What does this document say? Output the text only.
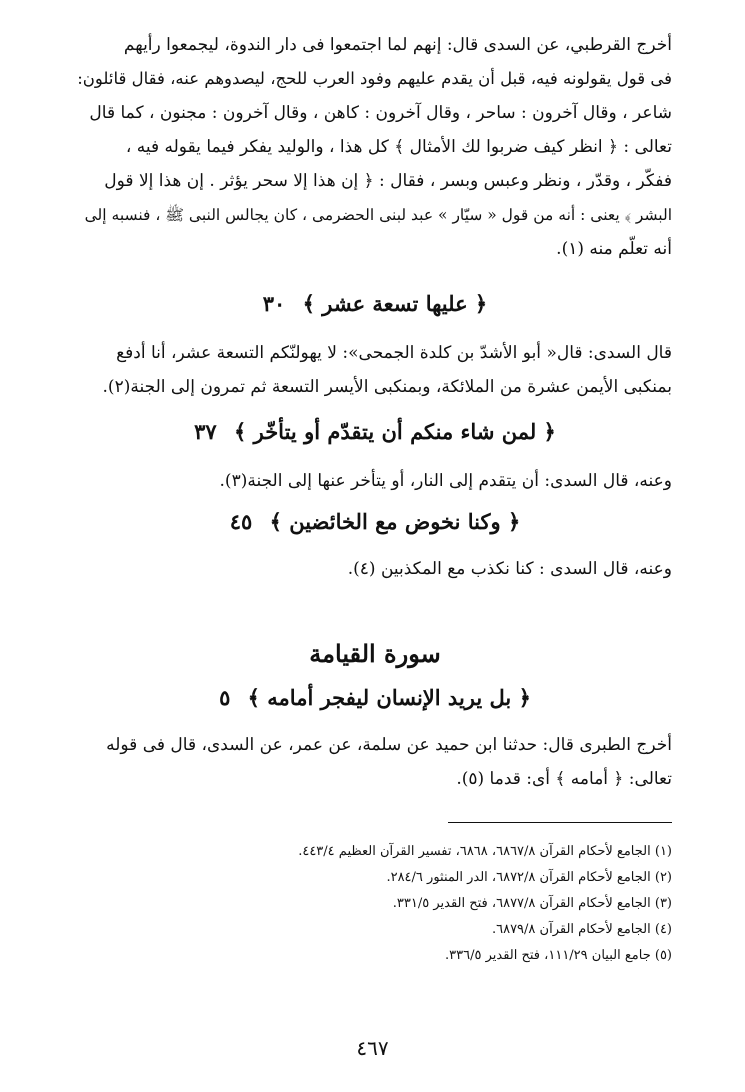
أخرج القرطبي، عن السدى قال: إنهم لما اجتمعوا فى دار الندوة، ليجمعوا رأيهم
فى قول يقولونه فيه، قبل أن يقدم عليهم وفود العرب للحج، ليصدوهم عنه، فقال قائلون:
شاعر ، وقال آخرون : ساحر ، وقال آخرون : كاهن ، وقال آخرون : مجنون ، كما قال
تعالى : ﴿ انظر كيف ضربوا لك الأمثال ﴾ كل هذا ، والوليد يفكر فيما يقوله فيه ،
ففكّر ، وقدّر ، ونظر وعبس وبسر ، فقال : ﴿ إن هذا إلا سحر يؤثر . إن هذا إلا قول
البشر ﴾ يعنى : أنه من قول « سيّار » عبد لبنى الحضرمى ، كان يجالس النبى ﷺ ، فنسبه إلى
أنه تعلّم منه (١).
﴿ عليها تسعة عشر ﴾ ٣٠
قال السدى: قال« أبو الأشدّ بن كلدة الجمحى»: لا يهولنّكم التسعة عشر، أنا أدفع
بمنكبى الأيمن عشرة من الملائكة، وبمنكبى الأيسر التسعة ثم تمرون إلى الجنة(٢).
﴿ لمن شاء منكم أن يتقدّم أو يتأخّر ﴾ ٣٧
وعنه، قال السدى: أن يتقدم إلى النار، أو يتأخر عنها إلى الجنة(٣).
﴿ وكنا نخوض مع الخائضين ﴾ ٤٥
وعنه، قال السدى : كنا نكذب مع المكذبين (٤).
سورة القيامة
﴿ بل يريد الإنسان ليفجر أمامه ﴾ ٥
أخرج الطبرى قال: حدثنا ابن حميد عن سلمة، عن عمر، عن السدى، قال فى قوله
تعالى: ﴿ أمامه ﴾ أى: قدما (٥).
(١) الجامع لأحكام القرآن ٦٨٦٧/٨، ٦٨٦٨، تفسير القرآن العظيم ٤٤٣/٤.
(٢) الجامع لأحكام القرآن ٦٨٧٢/٨، الدر المنثور ٢٨٤/٦.
(٣) الجامع لأحكام القرآن ٦٨٧٧/٨، فتح القدير ٣٣١/٥.
(٤) الجامع لأحكام القرآن ٦٨٧٩/٨.
(٥) جامع البيان ١١١/٢٩، فتح القدير ٣٣٦/٥.
٤٦٧
